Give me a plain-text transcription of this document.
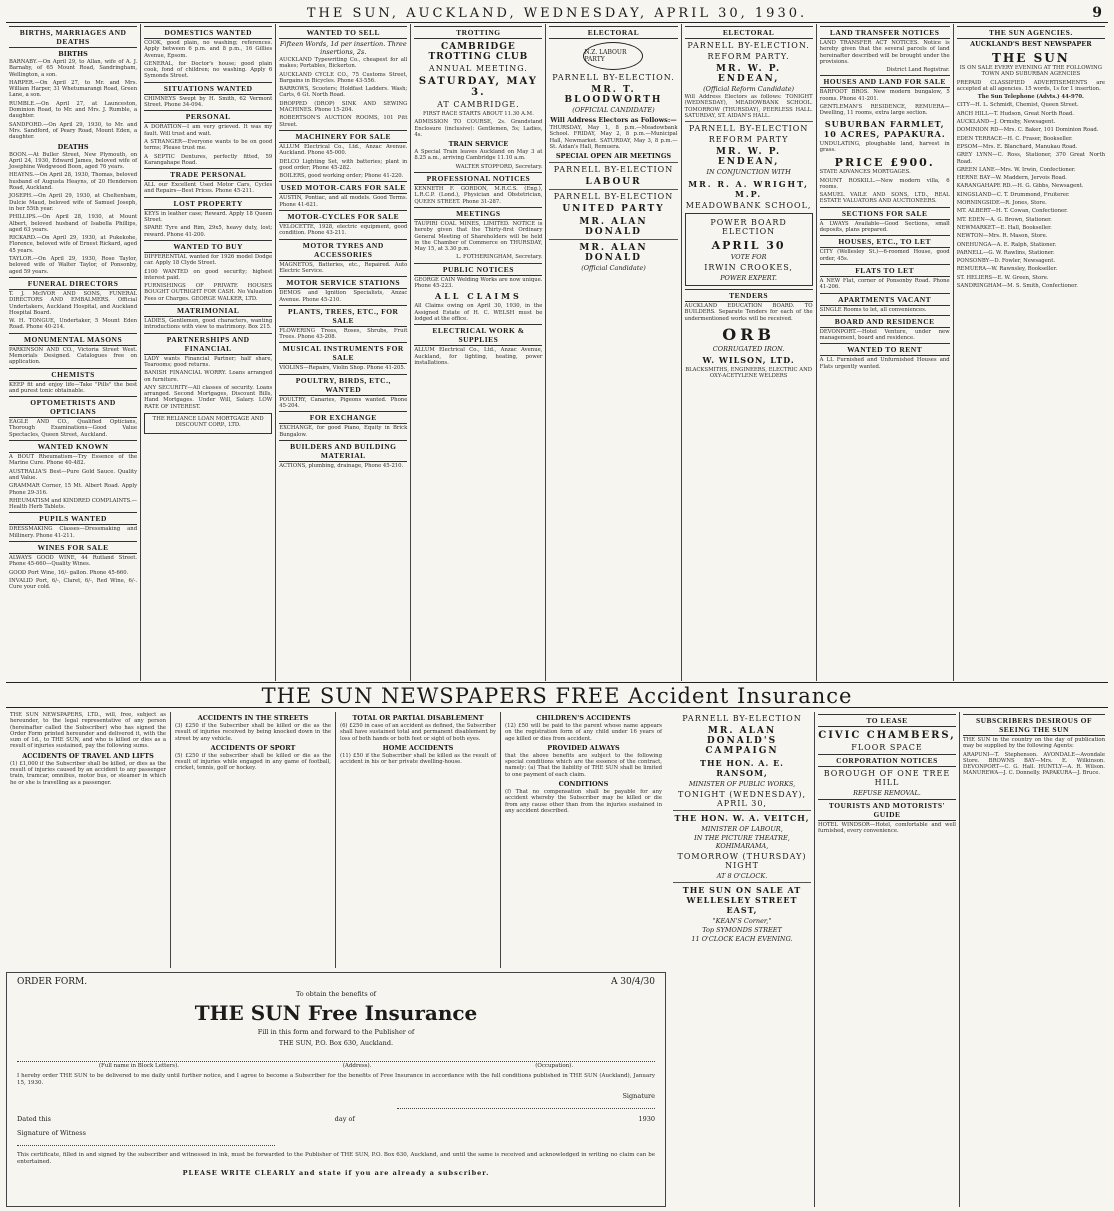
THE SUN, AUCKLAND, WEDNESDAY, APRIL 30, 1930.	9
BIRTHS, MARRIAGES AND DEATHS
BIRTHS

BARNABY.—On April 29, to Allan, wife of A. J. Barnaby, of 65 Mount Road, Sandringham, Wellington, a son.

HARPER.—On April 27, to Mr. and Mrs. William Harper, 31 Whetumarangi Road, Green Lane, a son.

RUMBLE.—On April 27, at Launceston, Dominion Road, to Mr. and Mrs. J. Rumble, a daughter.

SANDFORD.—On April 29, 1930, to Mr. and Mrs. Sandford, of Peary Road, Mount Eden, a daughter.

DEATHS

BOON.—At Buller Street, New Plymouth, on April 24, 1930, Edward James, beloved wife of Josephine Wedgwood Boon, aged 76 years.

HEAYNS.—On April 28, 1930, Thomas, beloved husband of Augusta Heayns, of 20 Henderson Road, Auckland.

JOSEPH.—On April 29, 1930, at Cheltenham, Dulcie Maud, beloved wife of Samuel Joseph, in her 55th year.

PHILLIPS.—On April 28, 1930, at Mount Albert, beloved husband of Isabella Phillips, aged 63 years.

RICKARD.—On April 29, 1930, at Pukekohe, Florence, beloved wife of Ernest Rickard, aged 45 years.

TAYLOR.—On April 29, 1930, Rose Taylor, beloved wife of Walter Taylor, of Ponsonby, aged 59 years.

FUNERAL DIRECTORS

T. J. McIVOR AND SONS, FUNERAL DIRECTORS AND EMBALMERS. Official Undertakers, Auckland Hospital, and Auckland Hospital Board.

W. H. TONGUE, Undertaker, 5 Mount Eden Road. Phone 40-214.

MONUMENTAL MASONS

PARKINSON AND CO., Victoria Street West. Memorials Designed. Catalogues free on application.

CHEMISTS

KEEP fit and enjoy life—Take "Pills" the best and purest tonic obtainable.

OPTOMETRISTS AND OPTICIANS

EAGLE AND CO., Qualified Opticians, Thorough Examinations—Good Value Spectacles, Queen Street, Auckland.

WANTED KNOWN

A BOUT Rheumatism—Try Essence of the Marine Cure. Phone 40-482.

AUSTRALIA'S Best—Pure Gold Sauce. Quality and Value.

GRAMMAR Corner, 15 Mt. Albert Road. Apply Phone 29-316.

RHEUMATISM and KINDRED COMPLAINTS.—Health Herb Tablets.

PUPILS WANTED

DRESSMAKING Classes—Dressmaking and Millinery. Phone 41-211.

WINES FOR SALE

ALWAYS GOOD WINE, 44 Rutland Street. Phone 45-660—Quality Wines.

GOOD Port Wine, 16/- gallon. Phone 45-660.

INVALID Port, 6/-, Claret, 6/-, Red Wine, 6/-. Cure your cold.

DOMESTICS WANTED

COOK, good plain, no washing; references. Apply between 6 p.m. and 8 p.m., 16 Gillies Avenue, Epsom.

GENERAL, for Doctor's house; good plain cook, fond of children; no washing. Apply 6 Symonds Street.

SITUATIONS WANTED

CHIMNEYS Swept by H. Smith, 62 Vermont Street. Phone 34-094.

PERSONAL

A DORATION—I am very grieved. It was my fault. Will trust and wait.

A STRANGER—Everyone wants to be on good terms; Please trust me.

A SEPTIC Dentures, perfectly fitted, 59 Karangahape Road.

TRADE PERSONAL

ALL our Excellent Used Motor Cars, Cycles and Repairs—Best Prices. Phone 45-211.

LOST PROPERTY

KEYS in leather case; Reward. Apply 18 Queen Street.

SPARE Tyre and Rim, 29x5, heavy duty, lost; reward. Phone 41-200.

WANTED TO BUY

DIFFERENTIAL wanted for 1926 model Dodge car. Apply 18 Clyde Street.

£100 WANTED on good security; highest interest paid.

FURNISHINGS OF PRIVATE HOUSES BOUGHT OUTRIGHT FOR CASH. No Valuation Fees or Charges. GEORGE WALKER, LTD.

MATRIMONIAL

LADIES, Gentlemen, good characters, wanting introductions with view to matrimony. Box 215.

PARTNERSHIPS AND FINANCIAL

LADY wants Financial Partner; half share, Tearooms; good returns.

BANISH FINANCIAL WORRY. Loans arranged on furniture.

ANY SECURITY—All classes of security. Loans arranged. Second Mortgages, Discount Bills, Hand Mortgages. Under Will, Salary. LOW RATE OF INTEREST.

THE RELIANCE LOAN MORTGAGE AND DISCOUNT CORP., LTD.

WANTED TO SELL
Fifteen Words, 1d per insertion. Three insertions, 2s.

AUCKLAND Typewriting Co., cheapest for all makes; Portables, Bickerton.

AUCKLAND CYCLE CO., 75 Customs Street, Bargains in Bicycles. Phone 43-556.

BARROWS, Scooters; Holdfast Ladders. Wash; Carts, 6 Gt. North Road.

DROPPED (DROP) SINK AND SEWING MACHINES. Phone 15-204.

ROBERTSON'S AUCTION ROOMS, 101 Pitt Street.

MACHINERY FOR SALE

ALLUM Electrical Co., Ltd., Anzac Avenue. Auckland. Phone 45-000.

DELCO Lighting Set, with batteries; plant in good order; Phone 45-282.

BOILERS, good working order; Phone 41-220.

USED MOTOR-CARS FOR SALE

AUSTIN, Pontiac, and all models. Good Terms. Phone 41-621.

MOTOR-CYCLES FOR SALE

VELOCETTE, 1928, electric equipment, good condition. Phone 43-211.

MOTOR TYRES AND ACCESSORIES

MAGNETOS, Batteries, etc., Repaired. Auto Electric Service.

MOTOR SERVICE STATIONS

DEMOS and Ignition Specialists, Anzac Avenue. Phone 45-210.

PLANTS, TREES, ETC., FOR SALE

FLOWERING Trees, Roses, Shrubs, Fruit Trees. Phone 43-208.

MUSICAL INSTRUMENTS FOR SALE

VIOLINS—Repairs, Violin Shop. Phone 41-205.

POULTRY, BIRDS, ETC., WANTED

POULTRY, Canaries, Pigeons wanted. Phone 45-204.

FOR EXCHANGE

EXCHANGE, for good Piano, Equity in Brick Bungalow.

BUILDERS AND BUILDING MATERIAL

ACTIONS, plumbing, drainage, Phone 45-210.

TROTTING
CAMBRIDGE TROTTING CLUB
ANNUAL MEETING.
SATURDAY, MAY 3.
AT CAMBRIDGE.

FIRST RACE STARTS ABOUT 11.30 A.M.

ADMISSION TO COURSE, 2s. Grandstand Enclosure (inclusive): Gentlemen, 5s; Ladies, 4s.

TRAIN SERVICE

A Special Train leaves Auckland on May 3 at 8.25 a.m., arriving Cambridge 11.10 a.m.

WALTER STOPFORD, Secretary.

PROFESSIONAL NOTICES

KENNETH F. GORDON, M.R.C.S. (Eng.), L.R.C.P. (Lond.), Physician and Obstetrician, QUEEN STREET. Phone 31-287.

MEETINGS

TAUPIRI COAL MINES, LIMITED. NOTICE is hereby given that the Thirty-first Ordinary General Meeting of Shareholders will be held in the Chamber of Commerce on THURSDAY, May 15, at 3.30 p.m.

L. FOTHERINGHAM, Secretary.

PUBLIC NOTICES

GEORGE CAIN Welding Works are now unique. Phone 45-223.

ALL CLAIMS

All Claims owing on April 30, 1930, in the Assigned Estate of H. C. WELSH must be lodged at the office.

ELECTRICAL WORK & SUPPLIES

ALLUM Electrical Co., Ltd., Anzac Avenue, Auckland, for lighting, heating, power installations.

ELECTORAL
N.Z. LABOUR PARTY
PARNELL BY-ELECTION.
MR. T. BLOODWORTH
(OFFICIAL CANDIDATE)
Will Address Electors as Follows:—

THURSDAY, May 1, 8 p.m.—Meadowbank School. FRIDAY, May 2, 8 p.m.—Municipal Hall, Newmarket. SATURDAY, May 3, 8 p.m.—St. Aidan's Hall, Remuera.

SPECIAL OPEN AIR MEETINGS
PARNELL BY-ELECTION
LABOUR
PARNELL BY-ELECTION
UNITED PARTY
MR. ALAN DONALD
MR. ALAN DONALD
(Official Candidate)
ELECTORAL
PARNELL BY-ELECTION.
REFORM PARTY.
MR. W. P. ENDEAN,
(Official Reform Candidate)

Will Address Electors as follows: TONIGHT (WEDNESDAY), MEADOWBANK SCHOOL. TOMORROW (THURSDAY), PEERLESS HALL. SATURDAY, ST. AIDAN'S HALL.

PARNELL BY-ELECTION
REFORM PARTY
MR. W. P. ENDEAN,
IN CONJUNCTION WITH
MR. R. A. WRIGHT, M.P.
MEADOWBANK SCHOOL,
POWER BOARD ELECTION
APRIL 30
VOTE FOR
IRWIN CROOKES,
POWER EXPERT.
TENDERS

AUCKLAND EDUCATION BOARD. TO BUILDERS. Separate Tenders for each of the undermentioned works will be received.

ORB
CORRUGATED IRON.
W. WILSON, LTD.

BLACKSMITHS, ENGINEERS, ELECTRIC AND OXY-ACETYLENE WELDERS

LAND TRANSFER NOTICES

LAND TRANSFER ACT NOTICES. Notice is hereby given that the several parcels of land hereinafter described will be brought under the provisions.

District Land Registrar.

HOUSES AND LAND FOR SALE

BARFOOT BROS. New modern bungalow, 5 rooms. Phone 41-201.

GENTLEMAN'S RESIDENCE, REMUERA—Dwelling, 11 rooms, extra large section.

SUBURBAN FARMLET, 10 ACRES, PAPAKURA.

UNDULATING, ploughable land, harvest in grass.

PRICE £900.

STATE ADVANCES MORTGAGES.

MOUNT ROSKILL.—New modern villa, 6 rooms.

SAMUEL VAILE AND SONS, LTD., REAL ESTATE VALUATORS AND AUCTIONEERS.

SECTIONS FOR SALE

A LWAYS Available—Good Sections, small deposits, plans prepared.

HOUSES, ETC., TO LET

CITY (Wellesley St.)—6-roomed House, good order, 45s.

FLATS TO LET

A NEW Flat, corner of Ponsonby Road. Phone 41-206.

APARTMENTS VACANT

SINGLE Rooms to let, all conveniences.

BOARD AND RESIDENCE

DEVONPORT.—Hotel Venture, under new management, board and residence.

WANTED TO RENT

A LL Furnished and Unfurnished Houses and Flats urgently wanted.

THE SUN AGENCIES.
AUCKLAND'S BEST NEWSPAPER
THE SUN

IS ON SALE EVERY EVENING AT THE FOLLOWING TOWN AND SUBURBAN AGENCIES

PREPAID CLASSIFIED ADVERTISEMENTS are accepted at all agencies. 15 words, 1s for 1 insertion.

The Sun Telephone (Advts.) 44-970.

CITY—H. L. Schmidt, Chemist, Queen Street.

ARCH HILL—T. Hudson, Great North Road.

AUCKLAND—J. Ormsby, Newsagent.

DOMINION RD—Mrs. C. Baker, 101 Dominion Road.

EDEN TERRACE—H. C. Fraser, Bookseller.

EPSOM—Mrs. E. Blanchard, Manukau Road.

GREY LYNN—C. Ross, Stationer, 370 Great North Road.

GREEN LANE—Mrs. W. Irwin, Confectioner.

HERNE BAY—W. Maddern, Jervois Road.

KARANGAHAPE RD.—H. G. Gibbs, Newsagent.

KINGSLAND—C. T. Drummond, Fruiterer.

MORNINGSIDE—R. Jones, Store.

MT. ALBERT—H. T. Cowan, Confectioner.

MT. EDEN—A. G. Brown, Stationer.

NEWMARKET—E. Hall, Bookseller.

NEWTON—Mrs. R. Mason, Store.

ONEHUNGA—A. E. Ralph, Stationer.

PARNELL—G. W. Rawlins, Stationer.

PONSONBY—D. Fowler, Newsagent.

REMUERA—W. Rawnsley, Bookseller.

ST. HELIERS—E. W. Green, Store.

SANDRINGHAM—M. S. Smith, Confectioner.

THE SUN NEWSPAPERS FREE Accident Insurance

THE SUN NEWSPAPERS, LTD., will, free, subject as hereunder, to the legal representative of any person (hereinafter called the Subscriber) who has signed the Order Form printed hereunder and delivered it, with the sum of 1d., to THE SUN, and who is killed or dies as a result of injuries sustained, pay the following sums.

ACCIDENTS OF TRAVEL AND LIFTS

(1) £1,000 if the Subscriber shall be killed, or dies as the result of injuries caused by an accident to any passenger train, tramcar, omnibus, motor bus, or steamer in which he or she is travelling as a passenger.

ACCIDENTS IN THE STREETS

(3) £250 if the Subscriber shall be killed or die as the result of injuries received by being knocked down in the street by any vehicle.

ACCIDENTS OF SPORT

(5) £250 if the subscriber shall be killed or die as the result of injuries while engaged in any game of football, cricket, tennis, golf or hockey.

TOTAL OR PARTIAL DISABLEMENT

(6) £250 in case of an accident as defined, the Subscriber shall have sustained total and permanent disablement by loss of both hands or both feet or sight of both eyes.

HOME ACCIDENTS

(11) £50 if the Subscriber shall be killed as the result of accident in his or her private dwelling-house.

CHILDREN'S ACCIDENTS

(12) £50 will be paid to the parent whose name appears on the registration form of any child under 16 years of age killed or dies from accident.

PROVIDED ALWAYS

that the above benefits are subject to the following special conditions which are the essence of the contract, namely: (a) That the liability of THE SUN shall be limited to one payment of each claim.

CONDITIONS

(f) That no compensation shall be payable for any accident whereby the Subscriber may be killed or die from any cause other than from the injuries sustained in any accident described.

ORDER FORM.	A 30/4/30
To obtain the benefits of
THE SUN Free Insurance
Fill in this form and forward to the Publisher of
THE SUN, P.O. Box 630, Auckland.
(Full name in Block Letters).	(Address).	(Occupation).

I hereby order THE SUN to be delivered to me daily until further notice, and I agree to become a Subscriber for the benefits of Free Insurance in accordance with the full conditions published in THE SUN (Auckland), January 15, 1930.

Signature
Dated this	day of	1930
Signature of Witness

This certificate, filled in and signed by the subscriber and witnessed in ink, must be forwarded to the Publisher of THE SUN, P.O. Box 630, Auckland, and until the same is received and acknowledged in writing no claim can be entertained.

PLEASE WRITE CLEARLY and state if you are already a subscriber.
PARNELL BY-ELECTION
MR. ALAN DONALD'S CAMPAIGN
THE HON. A. E. RANSOM,
MINISTER OF PUBLIC WORKS,
TONIGHT (WEDNESDAY), APRIL 30,
THE HON. W. A. VEITCH,
MINISTER OF LABOUR,
IN THE PICTURE THEATRE, KOHIMARAMA,
TOMORROW (THURSDAY) NIGHT
AT 8 O'CLOCK.
THE SUN ON SALE AT WELLESLEY STREET EAST,
"KEAN'S Corner,"
Top SYMONDS STREET
11 O'CLOCK EACH EVENING.
TO LEASE
CIVIC CHAMBERS,
FLOOR SPACE
CORPORATION NOTICES
BOROUGH OF ONE TREE HILL
REFUSE REMOVAL.
TOURISTS AND MOTORISTS' GUIDE

HOTEL WINDSOR—Hotel, comfortable and well furnished, every convenience.

SUBSCRIBERS DESIROUS OF SEEING THE SUN

THE SUN in the country on the day of publication may be supplied by the following Agents:

ARAPUNI—T. Stephenson. AVONDALE—Avondale Store. BROWNS BAY—Mrs. E. Wilkinson. DEVONPORT—C. G. Hall. HUNTLY—A. R. Wilson. MANUREWA—J. C. Donnelly. PAPAKURA—J. Bruce.
